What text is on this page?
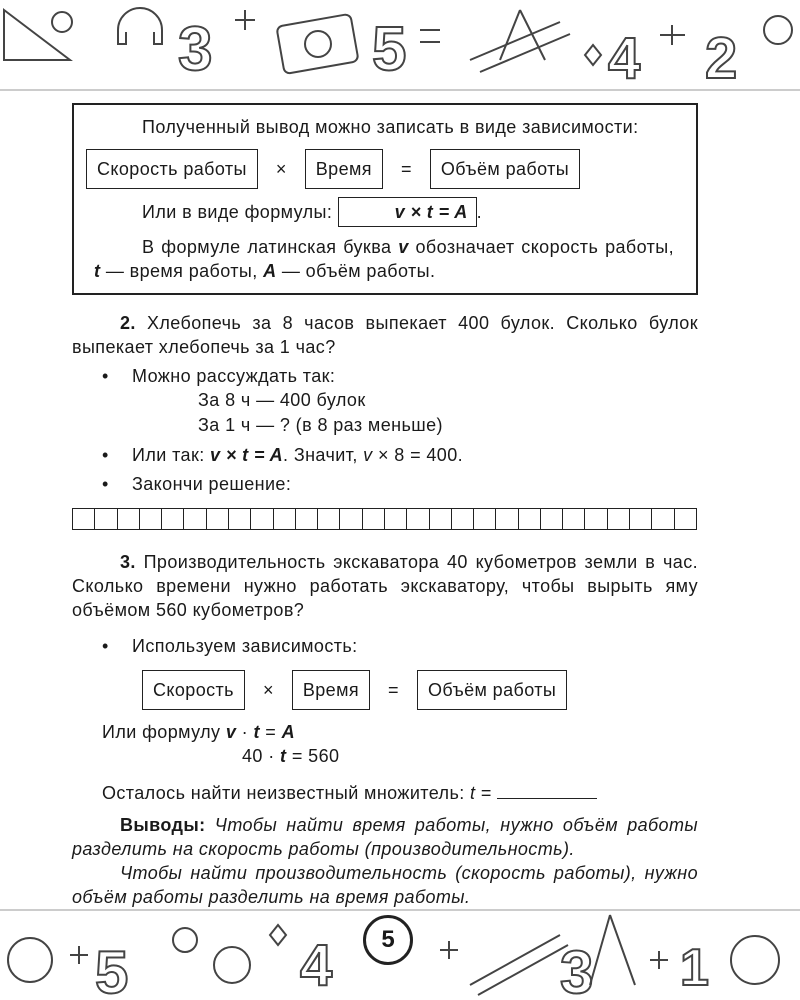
3	5	4 2

Полученный вывод можно записать в виде зависимости:

Скорость работы	×	Время	=	Объём работы

Или в виде формулы:	v × t = A .

В формуле латинская буква v обозначает скорость работы, t — время работы, A — объём работы.

2. Хлебопечь за 8 часов выпекает 400 булок. Сколько булок выпекает хлебопечь за 1 час?

• Можно рассуждать так:

За 8 ч — 400 булок

За 1 ч — ? (в 8 раз меньше)

• Или так: v × t = A. Значит, v × 8 = 400.

• Закончи решение:

3. Производительность экскаватора 40 кубометров земли в час. Сколько времени нужно работать экскаватору, чтобы вырыть яму объёмом 560 кубометров?

• Используем зависимость:

Скорость	×	Время	=	Объём работы

Или формулу v · t = A

40 · t = 560

Осталось найти неизвестный множитель: t =

Выводы: Чтобы найти время работы, нужно объём работы разделить на скорость работы (производительность).

Чтобы найти производительность (скорость работы), нужно объём работы разделить на время работы.

5	4	3 1
5
